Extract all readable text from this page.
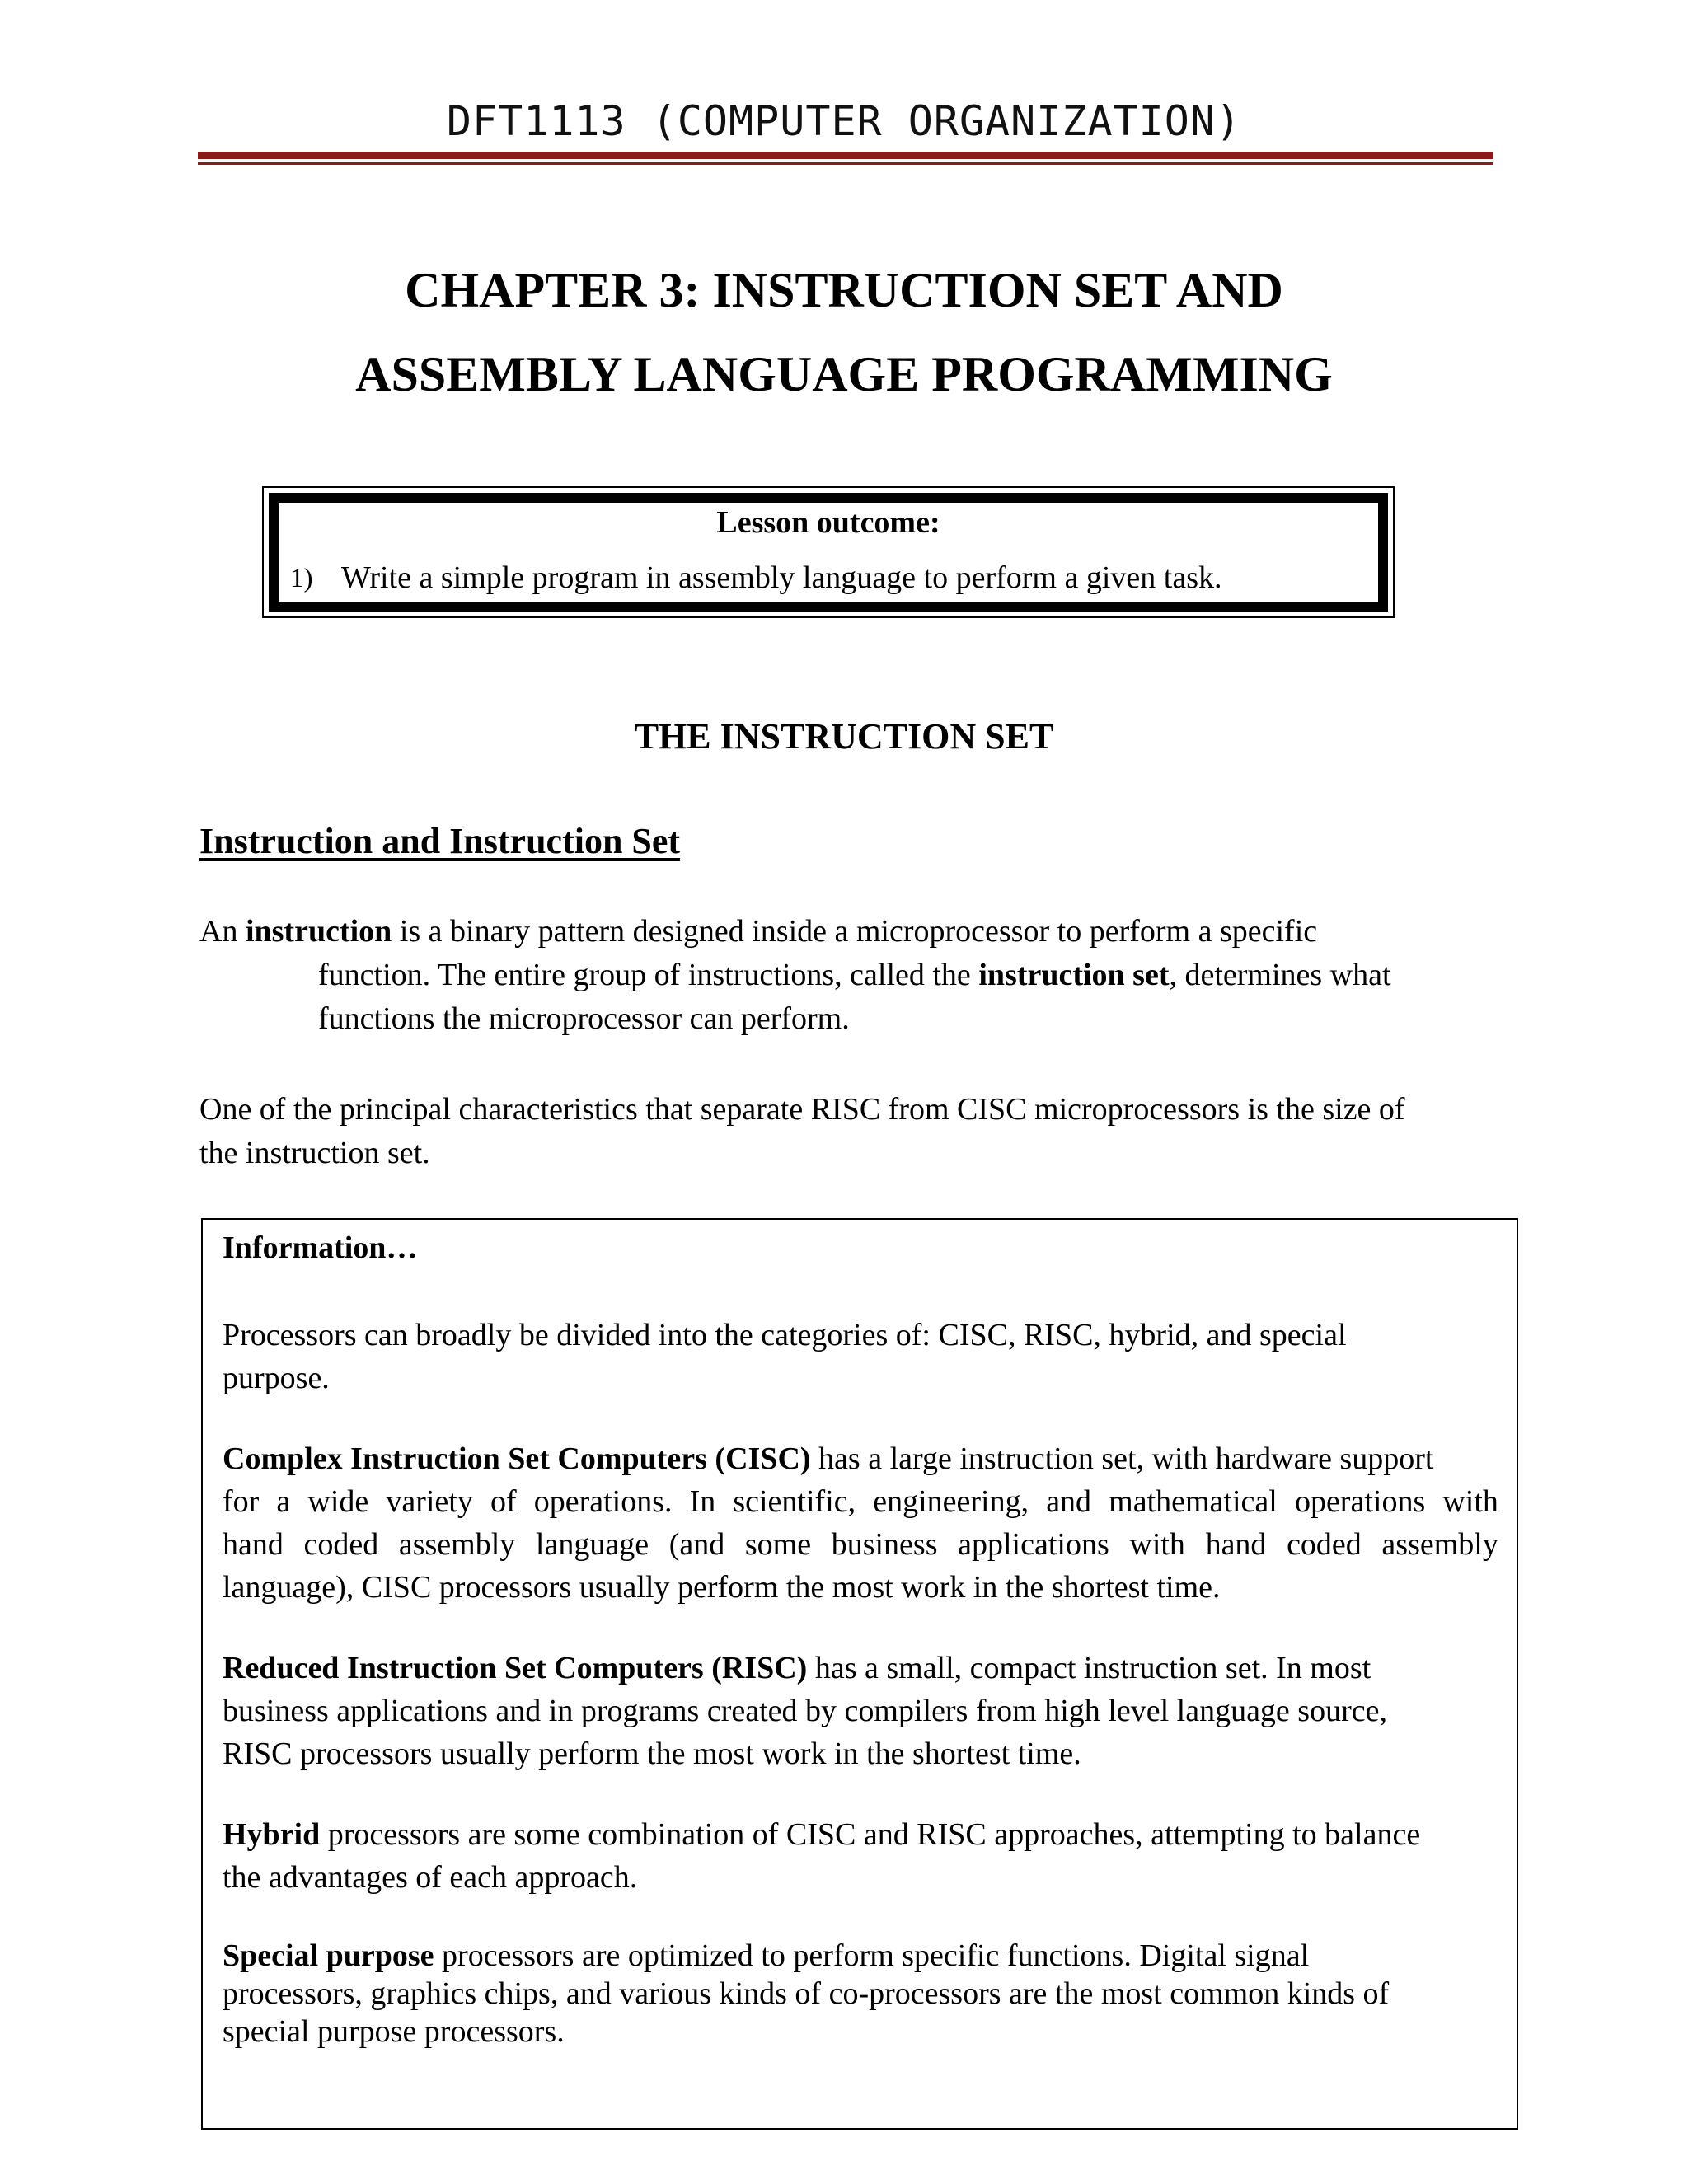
DFT1113 (COMPUTER ORGANIZATION)
CHAPTER 3: INSTRUCTION SET AND
ASSEMBLY LANGUAGE PROGRAMMING
Lesson outcome:
1) Write a simple program in assembly language to perform a given task.
THE INSTRUCTION SET
Instruction and Instruction Set
An instruction is a binary pattern designed inside a microprocessor to perform a specific
function. The entire group of instructions, called the instruction set, determines what
functions the microprocessor can perform.
One of the principal characteristics that separate RISC from CISC microprocessors is the size of
the instruction set.
Information…
Processors can broadly be divided into the categories of: CISC, RISC, hybrid, and special
purpose.
Complex Instruction Set Computers (CISC) has a large instruction set, with hardware support
for a wide variety of operations. In scientific, engineering, and mathematical operations with
hand coded assembly language (and some business applications with hand coded assembly
language), CISC processors usually perform the most work in the shortest time.
Reduced Instruction Set Computers (RISC) has a small, compact instruction set. In most
business applications and in programs created by compilers from high level language source,
RISC processors usually perform the most work in the shortest time.
Hybrid processors are some combination of CISC and RISC approaches, attempting to balance
the advantages of each approach.
Special purpose processors are optimized to perform specific functions. Digital signal
processors, graphics chips, and various kinds of co-processors are the most common kinds of
special purpose processors.
